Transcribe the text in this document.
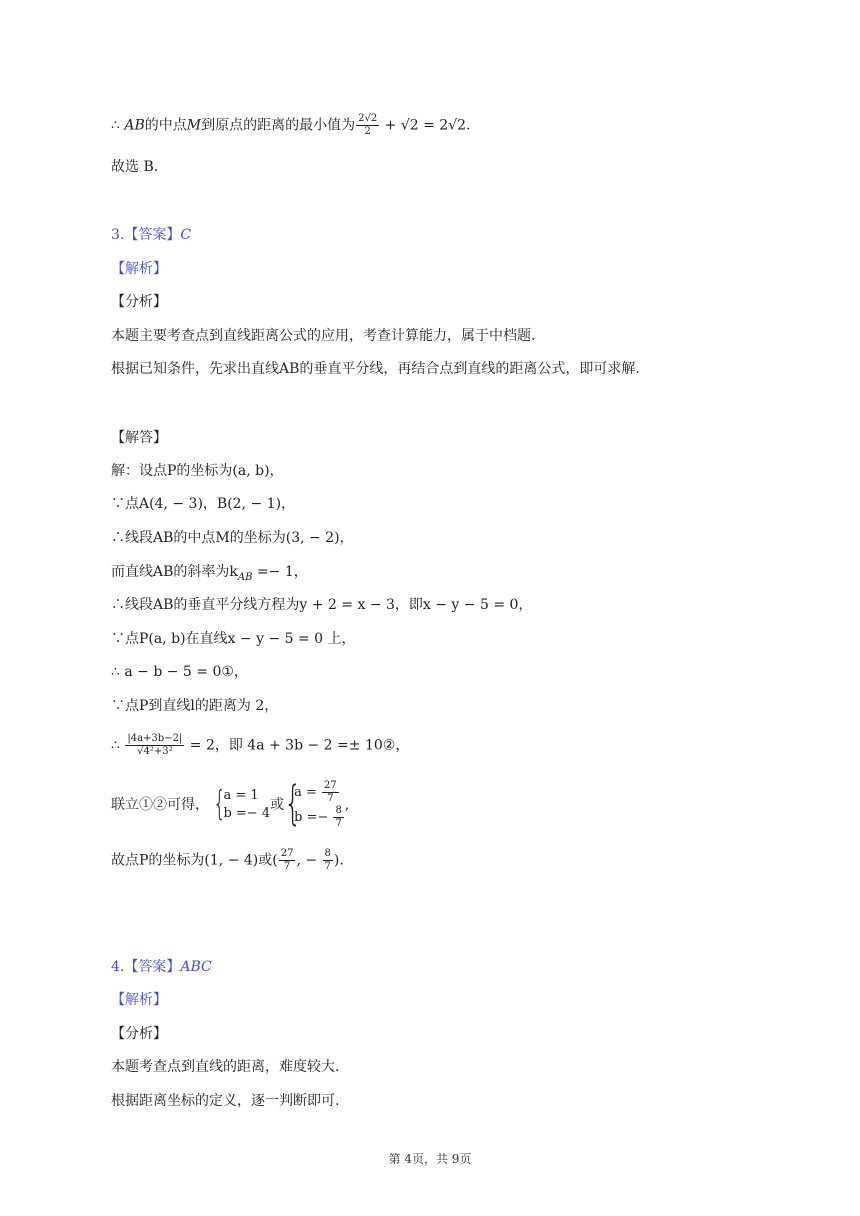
∴ AB的中点M到原点的距离的最小值为 $\frac{2√2}{2} + √2 = 2√2$.
故选 B.
3.【答案】C
【解析】
【分析】
本题主要考查点到直线距离公式的应用，考查计算能力，属于中档题.
根据已知条件，先求出直线AB的垂直平分线，再结合点到直线的距离公式，即可求解.
【解答】
解：设点P的坐标为(a, b)，
∵点A(4, − 3)，B(2, − 1)，
∴线段AB的中点M的坐标为(3, − 2)，
而直线AB的斜率为$k_{AB} =- 1$，
∴线段AB的垂直平分线方程为y + 2 = x − 3，即x − y − 5 = 0，
∵点P(a, b)在直线x − y − 5 = 0 上，
∴ a − b − 5 = 0①，
∵点P到直线l的距离为 2，
∴ $\frac{|4a+3b-2|}{\text{√4²+3²}} = 2$，即 4a + 3b − 2 =± 10②，
联立①②可得， {
a = 1
b =− 4
或 {
$a = \frac{27}{7}$
$b =- \frac{8}{7}$ ,
故点P的坐标为(1, − 4)或( $\frac{27}{7}$ , − $\frac{8}{7}$ ).
4.【答案】ABC
【解析】
【分析】
本题考查点到直线的距离，难度较大.
根据距离坐标的定义，逐一判断即可.
第 4页，共 9页
